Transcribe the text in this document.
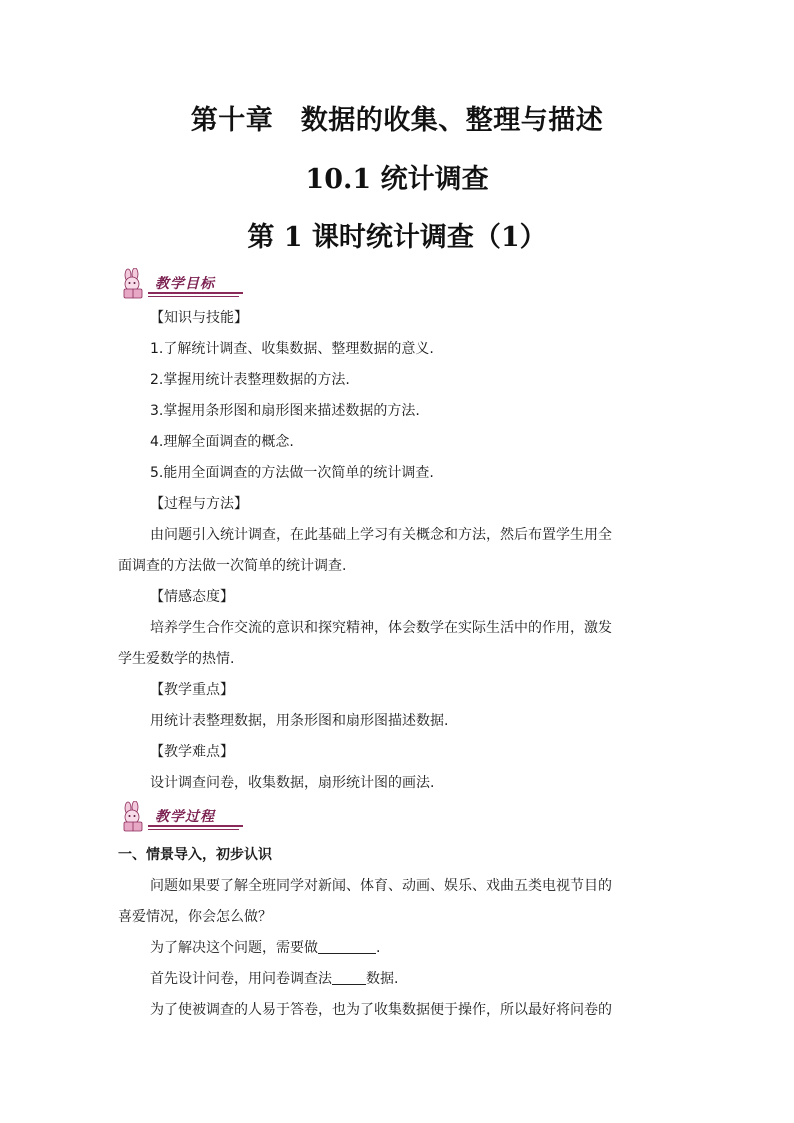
第十章　数据的收集、整理与描述
10.1 统计调查
第 1 课时统计调查（1）
教学目标
【知识与技能】
1.了解统计调查、收集数据、整理数据的意义.
2.掌握用统计表整理数据的方法.
3.掌握用条形图和扇形图来描述数据的方法.
4.理解全面调查的概念.
5.能用全面调查的方法做一次简单的统计调查.
【过程与方法】
由问题引入统计调查，在此基础上学习有关概念和方法，然后布置学生用全
面调查的方法做一次简单的统计调查.
【情感态度】
培养学生合作交流的意识和探究精神，体会数学在实际生活中的作用，激发
学生爱数学的热情.
【教学重点】
用统计表整理数据，用条形图和扇形图描述数据.
【教学难点】
设计调查问卷，收集数据，扇形统计图的画法.
教学过程
一、情景导入，初步认识
问题如果要了解全班同学对新闻、体育、动画、娱乐、戏曲五类电视节目的
喜爱情况，你会怎么做？
为了解决这个问题，需要做	.
首先设计问卷，用问卷调查法 数据.
为了使被调查的人易于答卷，也为了收集数据便于操作，所以最好将问卷的
